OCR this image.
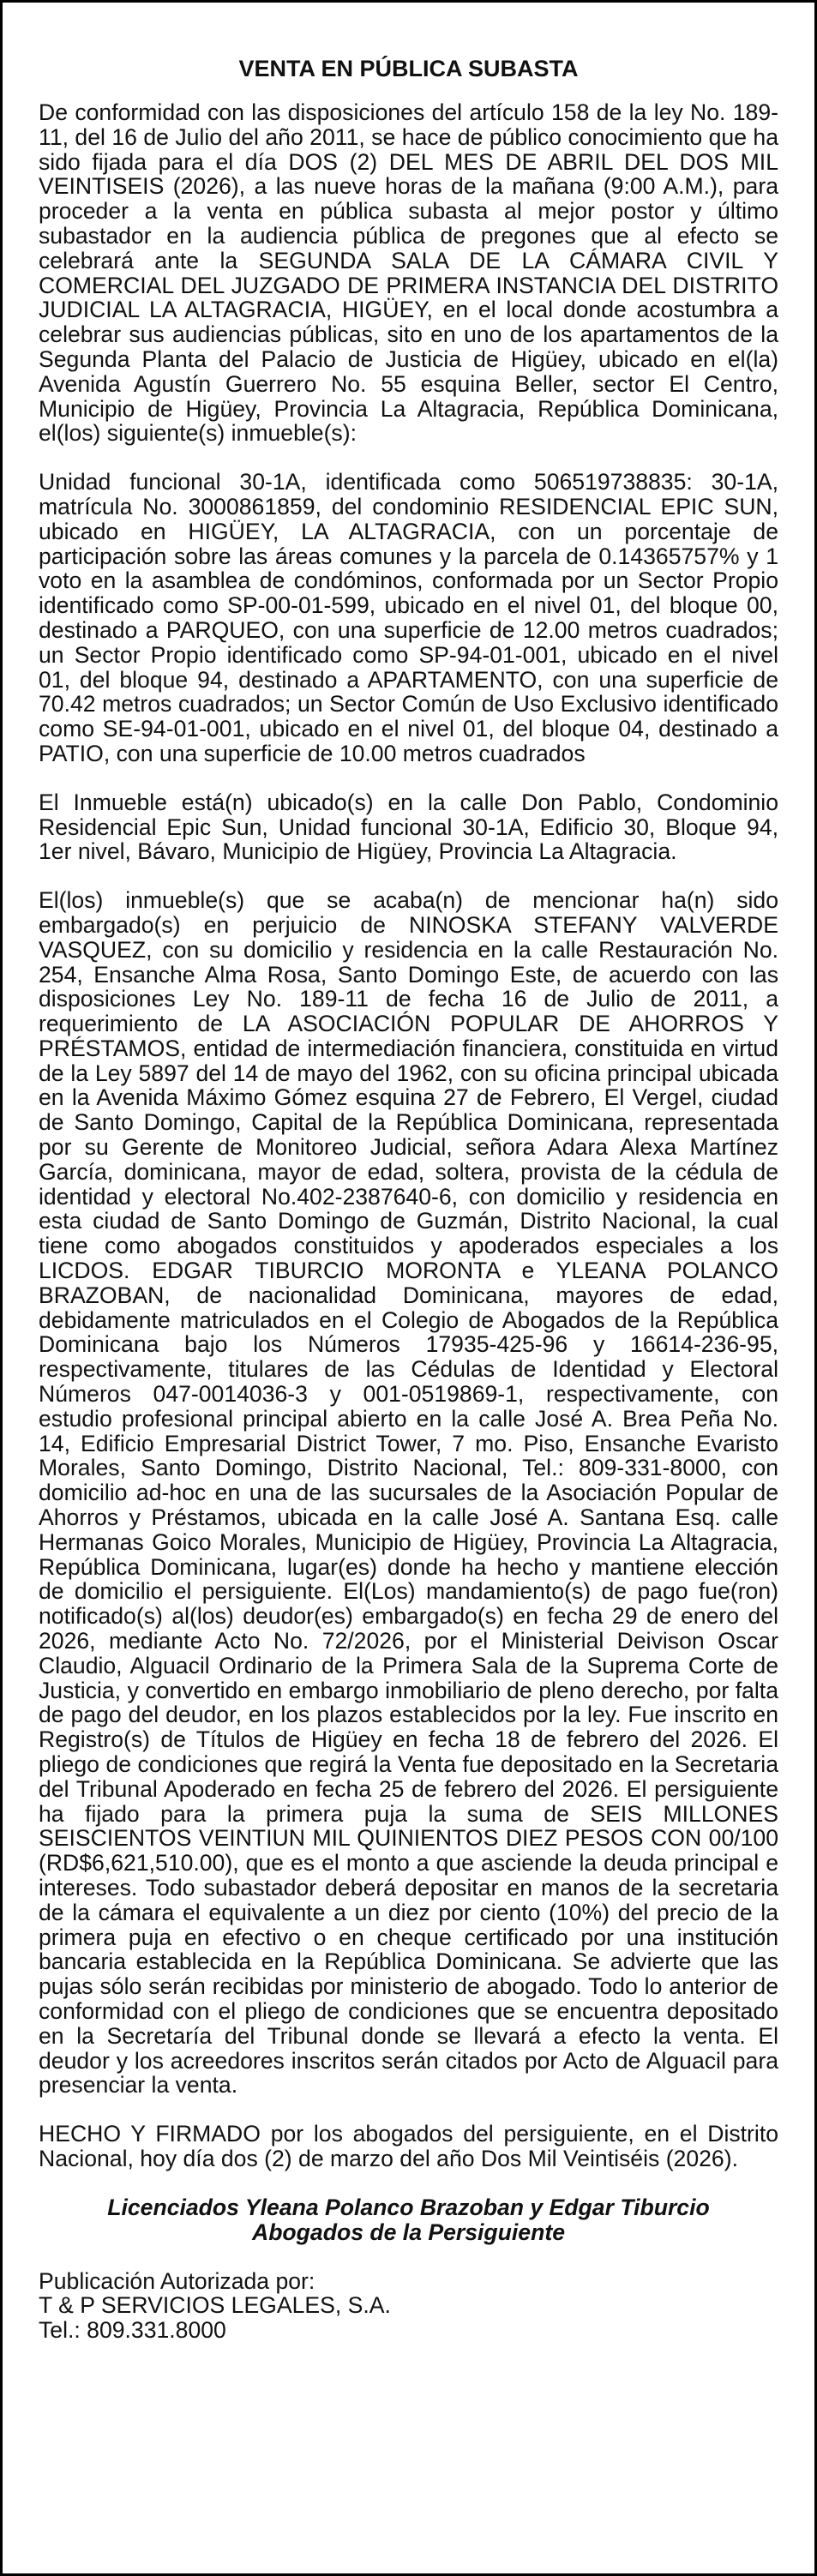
VENTA EN PÚBLICA SUBASTA

De conformidad con las disposiciones del artículo 158 de la ley No. 189-11, del 16 de Julio del año 2011, se hace de público conocimiento que ha sido fijada para el día DOS (2) DEL MES DE ABRIL DEL DOS MIL VEINTISEIS (2026), a las nueve horas de la mañana (9:00 A.M.), para proceder a la venta en pública subasta al mejor postor y último subastador en la audiencia pública de pregones que al efecto se celebrará ante la SEGUNDA SALA DE LA CÁMARA CIVIL Y COMERCIAL DEL JUZGADO DE PRIMERA INSTANCIA DEL DISTRITO JUDICIAL LA ALTAGRACIA, HIGÜEY, en el local donde acostumbra a celebrar sus audiencias públicas, sito en uno de los apartamentos de la Segunda Planta del Palacio de Justicia de Higüey, ubicado en el(la) Avenida Agustín Guerrero No. 55 esquina Beller, sector El Centro, Municipio de Higüey, Provincia La Altagracia, República Dominicana, el(los) siguiente(s) inmueble(s):

Unidad funcional 30-1A, identificada como 506519738835: 30-1A, matrícula No. 3000861859, del condominio RESIDENCIAL EPIC SUN, ubicado en HIGÜEY, LA ALTAGRACIA, con un porcentaje de participación sobre las áreas comunes y la parcela de 0.14365757% y 1 voto en la asamblea de condóminos, conformada por un Sector Propio identificado como SP-00-01-599, ubicado en el nivel 01, del bloque 00, destinado a PARQUEO, con una superficie de 12.00 metros cuadrados; un Sector Propio identificado como SP-94-01-001, ubicado en el nivel 01, del bloque 94, destinado a APARTAMENTO, con una superficie de 70.42 metros cuadrados; un Sector Común de Uso Exclusivo identificado como SE-94-01-001, ubicado en el nivel 01, del bloque 04, destinado a PATIO, con una superficie de 10.00 metros cuadrados

El Inmueble está(n) ubicado(s) en la calle Don Pablo, Condominio Residencial Epic Sun, Unidad funcional 30-1A, Edificio 30, Bloque 94, 1er nivel, Bávaro, Municipio de Higüey, Provincia La Altagracia.

El(los) inmueble(s) que se acaba(n) de mencionar ha(n) sido embargado(s) en perjuicio de NINOSKA STEFANY VALVERDE VASQUEZ, con su domicilio y residencia en la calle Restauración No. 254, Ensanche Alma Rosa, Santo Domingo Este, de acuerdo con las disposiciones Ley No. 189-11 de fecha 16 de Julio de 2011, a requerimiento de LA ASOCIACIÓN POPULAR DE AHORROS Y PRÉSTAMOS, entidad de intermediación financiera, constituida en virtud de la Ley 5897 del 14 de mayo del 1962, con su oficina principal ubicada en la Avenida Máximo Gómez esquina 27 de Febrero, El Vergel, ciudad de Santo Domingo, Capital de la República Dominicana, representada por su Gerente de Monitoreo Judicial, señora Adara Alexa Martínez García, dominicana, mayor de edad, soltera, provista de la cédula de identidad y electoral No.402-2387640-6, con domicilio y residencia en esta ciudad de Santo Domingo de Guzmán, Distrito Nacional, la cual tiene como abogados constituidos y apoderados especiales a los LICDOS. EDGAR TIBURCIO MORONTA e YLEANA POLANCO BRAZOBAN, de nacionalidad Dominicana, mayores de edad, debidamente matriculados en el Colegio de Abogados de la República Dominicana bajo los Números 17935-425-96 y 16614-236-95, respectivamente, titulares de las Cédulas de Identidad y Electoral Números 047-0014036-3 y 001-0519869-1, respectivamente, con estudio profesional principal abierto en la calle José A. Brea Peña No. 14, Edificio Empresarial District Tower, 7 mo. Piso, Ensanche Evaristo Morales, Santo Domingo, Distrito Nacional, Tel.: 809-331-8000, con domicilio ad-hoc en una de las sucursales de la Asociación Popular de Ahorros y Préstamos, ubicada en la calle José A. Santana Esq. calle Hermanas Goico Morales, Municipio de Higüey, Provincia La Altagracia, República Dominicana, lugar(es) donde ha hecho y mantiene elección de domicilio el persiguiente. El(Los) mandamiento(s) de pago fue(ron) notificado(s) al(los) deudor(es) embargado(s) en fecha 29 de enero del 2026, mediante Acto No. 72/2026, por el Ministerial Deivison Oscar Claudio, Alguacil Ordinario de la Primera Sala de la Suprema Corte de Justicia, y convertido en embargo inmobiliario de pleno derecho, por falta de pago del deudor, en los plazos establecidos por la ley. Fue inscrito en Registro(s) de Títulos de Higüey en fecha 18 de febrero del 2026. El pliego de condiciones que regirá la Venta fue depositado en la Secretaria del Tribunal Apoderado en fecha 25 de febrero del 2026. El persiguiente ha fijado para la primera puja la suma de SEIS MILLONES SEISCIENTOS VEINTIUN MIL QUINIENTOS DIEZ PESOS CON 00/100 (RD$6,621,510.00), que es el monto a que asciende la deuda principal e intereses. Todo subastador deberá depositar en manos de la secretaria de la cámara el equivalente a un diez por ciento (10%) del precio de la primera puja en efectivo o en cheque certificado por una institución bancaria establecida en la República Dominicana. Se advierte que las pujas sólo serán recibidas por ministerio de abogado. Todo lo anterior de conformidad con el pliego de condiciones que se encuentra depositado en la Secretaría del Tribunal donde se llevará a efecto la venta. El deudor y los acreedores inscritos serán citados por Acto de Alguacil para presenciar la venta.

HECHO Y FIRMADO por los abogados del persiguiente, en el Distrito Nacional, hoy día dos (2) de marzo del año Dos Mil Veintiséis (2026).

Licenciados Yleana Polanco Brazoban y Edgar Tiburcio
Abogados de la Persiguiente
Publicación Autorizada por:
T & P SERVICIOS LEGALES, S.A.
Tel.: 809.331.8000
